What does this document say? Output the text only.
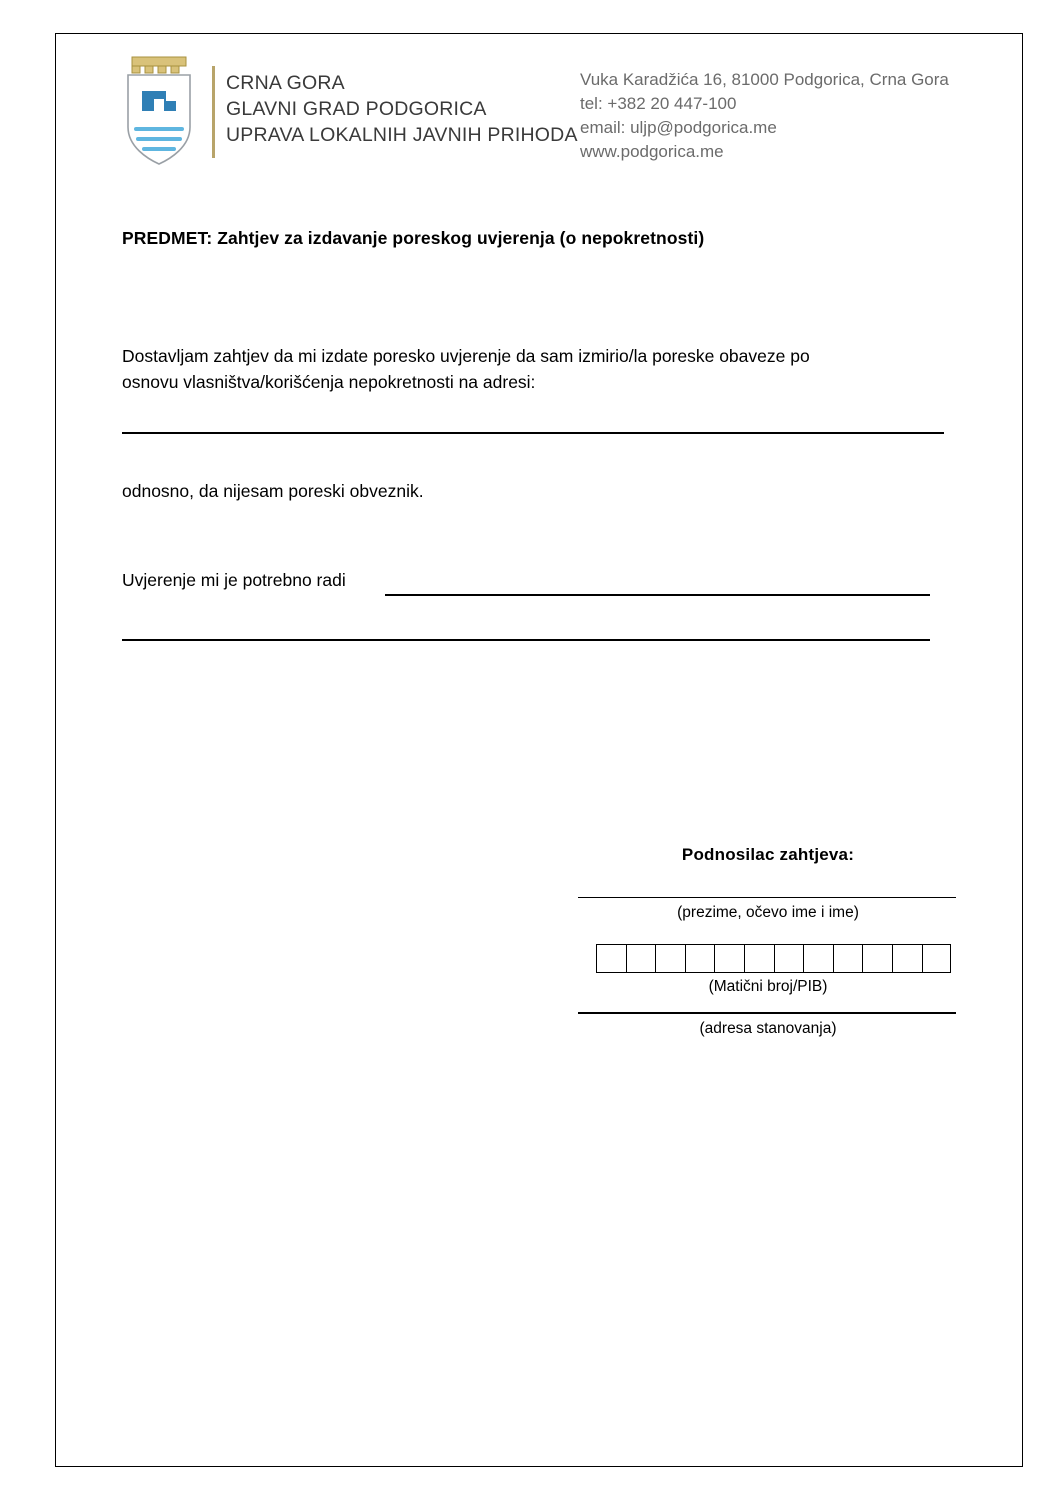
CRNA GORA
GLAVNI GRAD PODGORICA
UPRAVA LOKALNIH JAVNIH PRIHODA
Vuka Karadžića 16, 81000 Podgorica, Crna Gora
tel: +382 20 447-100
email: uljp@podgorica.me
www.podgorica.me
PREDMET: Zahtjev za izdavanje poreskog uvjerenja (o nepokretnosti)
Dostavljam zahtjev da mi izdate poresko uvjerenje da sam izmirio/la poreske obaveze po
osnovu vlasništva/korišćenja nepokretnosti na adresi:
odnosno, da nijesam poreski obveznik.
Uvjerenje mi je potrebno radi
Podnosilac zahtjeva:
(prezime, očevo ime i ime)
(Matični broj/PIB)
(adresa stanovanja)
